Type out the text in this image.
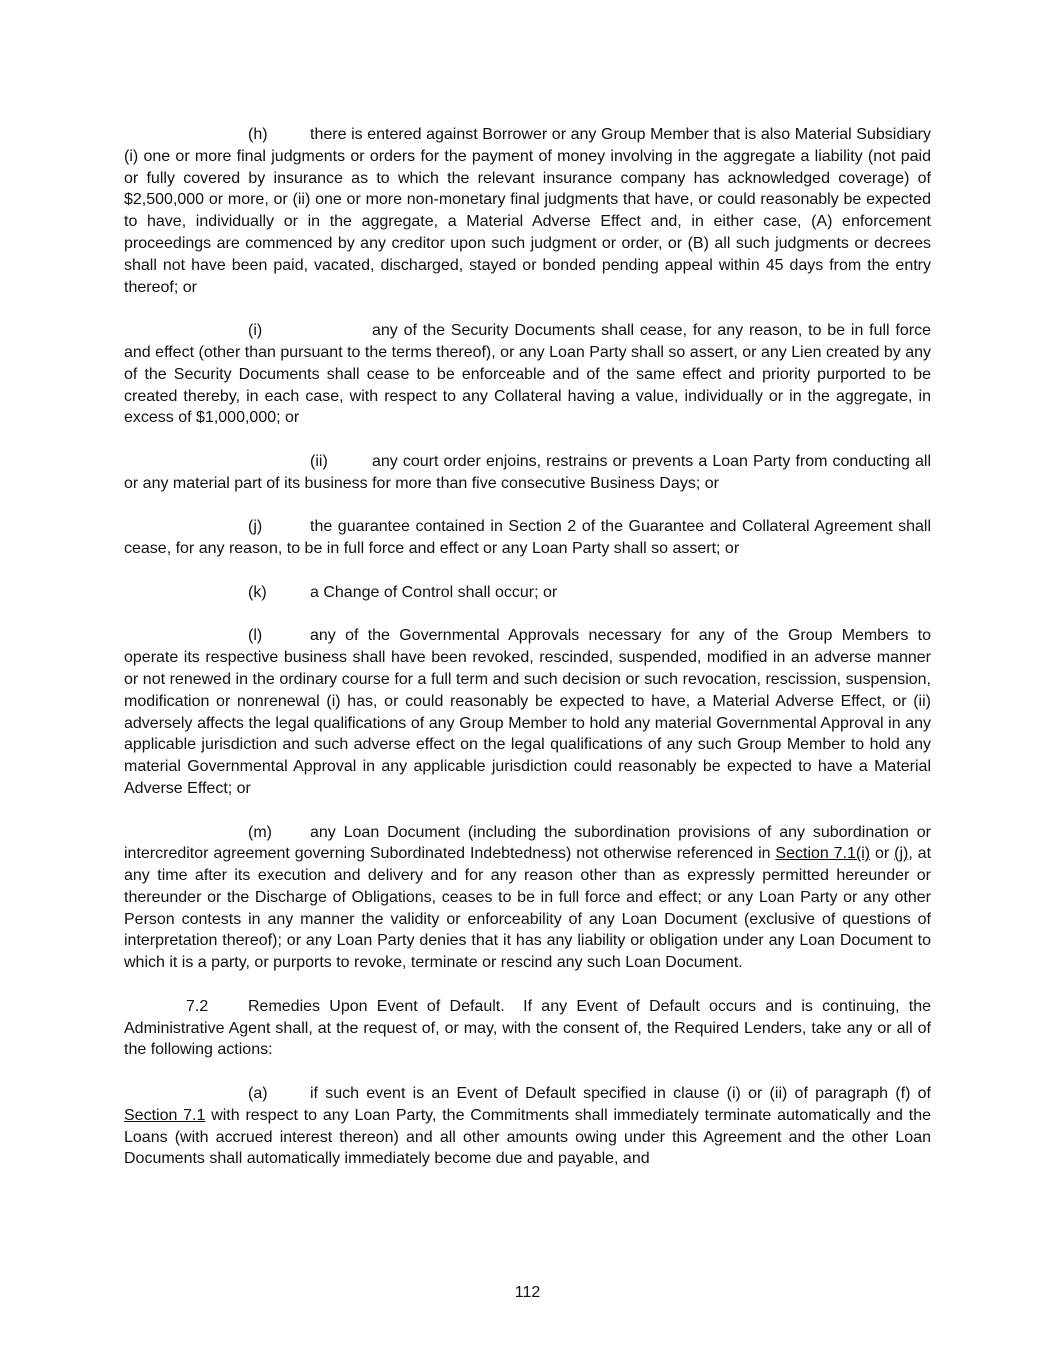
(h)	there is entered against Borrower or any Group Member that is also Material Subsidiary (i) one or more final judgments or orders for the payment of money involving in the aggregate a liability (not paid or fully covered by insurance as to which the relevant insurance company has acknowledged coverage) of $2,500,000 or more, or (ii) one or more non-monetary final judgments that have, or could reasonably be expected to have, individually or in the aggregate, a Material Adverse Effect and, in either case, (A) enforcement proceedings are commenced by any creditor upon such judgment or order, or (B) all such judgments or decrees shall not have been paid, vacated, discharged, stayed or bonded pending appeal within 45 days from the entry thereof; or

(i)	any of the Security Documents shall cease, for any reason, to be in full force and effect (other than pursuant to the terms thereof), or any Loan Party shall so assert, or any Lien created by any of the Security Documents shall cease to be enforceable and of the same effect and priority purported to be created thereby, in each case, with respect to any Collateral having a value, individually or in the aggregate, in excess of $1,000,000; or

(ii)	any court order enjoins, restrains or prevents a Loan Party from conducting all or any material part of its business for more than five consecutive Business Days; or

(j)	the guarantee contained in Section 2 of the Guarantee and Collateral Agreement shall cease, for any reason, to be in full force and effect or any Loan Party shall so assert; or

(k)	a Change of Control shall occur; or

(l)	any of the Governmental Approvals necessary for any of the Group Members to operate its respective business shall have been revoked, rescinded, suspended, modified in an adverse manner or not renewed in the ordinary course for a full term and such decision or such revocation, rescission, suspension, modification or nonrenewal (i) has, or could reasonably be expected to have, a Material Adverse Effect, or (ii) adversely affects the legal qualifications of any Group Member to hold any material Governmental Approval in any applicable jurisdiction and such adverse effect on the legal qualifications of any such Group Member to hold any material Governmental Approval in any applicable jurisdiction could reasonably be expected to have a Material Adverse Effect; or

(m) any Loan Document (including the subordination provisions of any subordination or intercreditor agreement governing Subordinated Indebtedness) not otherwise referenced in Section 7.1(i) or (j), at any time after its execution and delivery and for any reason other than as expressly permitted hereunder or thereunder or the Discharge of Obligations, ceases to be in full force and effect; or any Loan Party or any other Person contests in any manner the validity or enforceability of any Loan Document (exclusive of questions of interpretation thereof); or any Loan Party denies that it has any liability or obligation under any Loan Document to which it is a party, or purports to revoke, terminate or rescind any such Loan Document.

7.2 Remedies Upon Event of Default. If any Event of Default occurs and is continuing, the Administrative Agent shall, at the request of, or may, with the consent of, the Required Lenders, take any or all of the following actions:

(a)	if such event is an Event of Default specified in clause (i) or (ii) of paragraph (f) of Section 7.1 with respect to any Loan Party, the Commitments shall immediately terminate automatically and the Loans (with accrued interest thereon) and all other amounts owing under this Agreement and the other Loan Documents shall automatically immediately become due and payable, and

112
